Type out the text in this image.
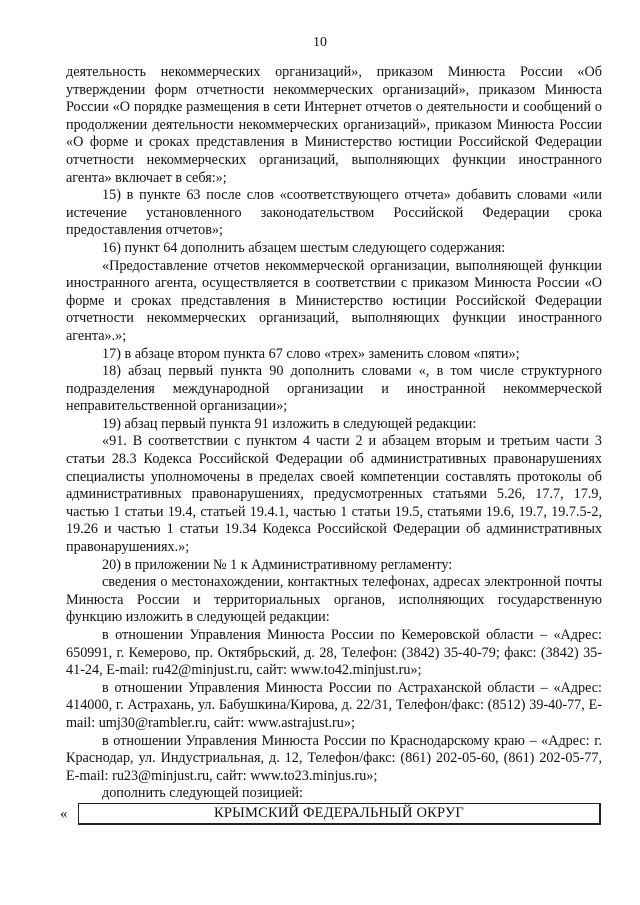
10

деятельность некоммерческих организаций», приказом Минюста России «Об утверждении форм отчетности некоммерческих организаций», приказом Минюста России «О порядке размещения в сети Интернет отчетов о деятельности и сообщений о продолжении деятельности некоммерческих организаций», приказом Минюста России «О форме и сроках представления в Министерство юстиции Российской Федерации отчетности некоммерческих организаций, выполняющих функции иностранного агента» включает в себя:»;

15) в пункте 63 после слов «соответствующего отчета» добавить словами «или истечение установленного законодательством Российской Федерации срока предоставления отчетов»;

16) пункт 64 дополнить абзацем шестым следующего содержания:

«Предоставление отчетов некоммерческой организации, выполняющей функции иностранного агента, осуществляется в соответствии с приказом Минюста России «О форме и сроках представления в Министерство юстиции Российской Федерации отчетности некоммерческих организаций, выполняющих функции иностранного агента».»;

17) в абзаце втором пункта 67 слово «трех» заменить словом «пяти»;

18) абзац первый пункта 90 дополнить словами «, в том числе структурного подразделения международной организации и иностранной некоммерческой неправительственной организации»;

19) абзац первый пункта 91 изложить в следующей редакции:

«91. В соответствии с пунктом 4 части 2 и абзацем вторым и третьим части 3 статьи 28.3 Кодекса Российской Федерации об административных правонарушениях специалисты уполномочены в пределах своей компетенции составлять протоколы об административных правонарушениях, предусмотренных статьями 5.26, 17.7, 17.9, частью 1 статьи 19.4, статьей 19.4.1, частью 1 статьи 19.5, статьями 19.6, 19.7, 19.7.5-2, 19.26 и частью 1 статьи 19.34 Кодекса Российской Федерации об административных правонарушениях.»;

20) в приложении № 1 к Административному регламенту:

сведения о местонахождении, контактных телефонах, адресах электронной почты Минюста России и территориальных органов, исполняющих государственную функцию изложить в следующей редакции:

в отношении Управления Минюста России по Кемеровской области – «Адрес: 650991, г. Кемерово, пр. Октябрьский, д. 28, Телефон: (3842) 35-40-79; факс: (3842) 35-41-24, E-mail: ru42@minjust.ru, сайт: www.to42.minjust.ru»;

в отношении Управления Минюста России по Астраханской области – «Адрес: 414000, г. Астрахань, ул. Бабушкина/Кирова, д. 22/31, Телефон/факс: (8512) 39-40-77, E-mail: umj30@rambler.ru, сайт: www.astrajust.ru»;

в отношении Управления Минюста России по Краснодарскому краю – «Адрес: г. Краснодар, ул. Индустриальная, д. 12, Телефон/факс: (861) 202-05-60, (861) 202-05-77, E-mail: ru23@minjust.ru, сайт: www.to23.minjus.ru»;

дополнить следующей позицией:

«	КРЫМСКИЙ ФЕДЕРАЛЬНЫЙ ОКРУГ
